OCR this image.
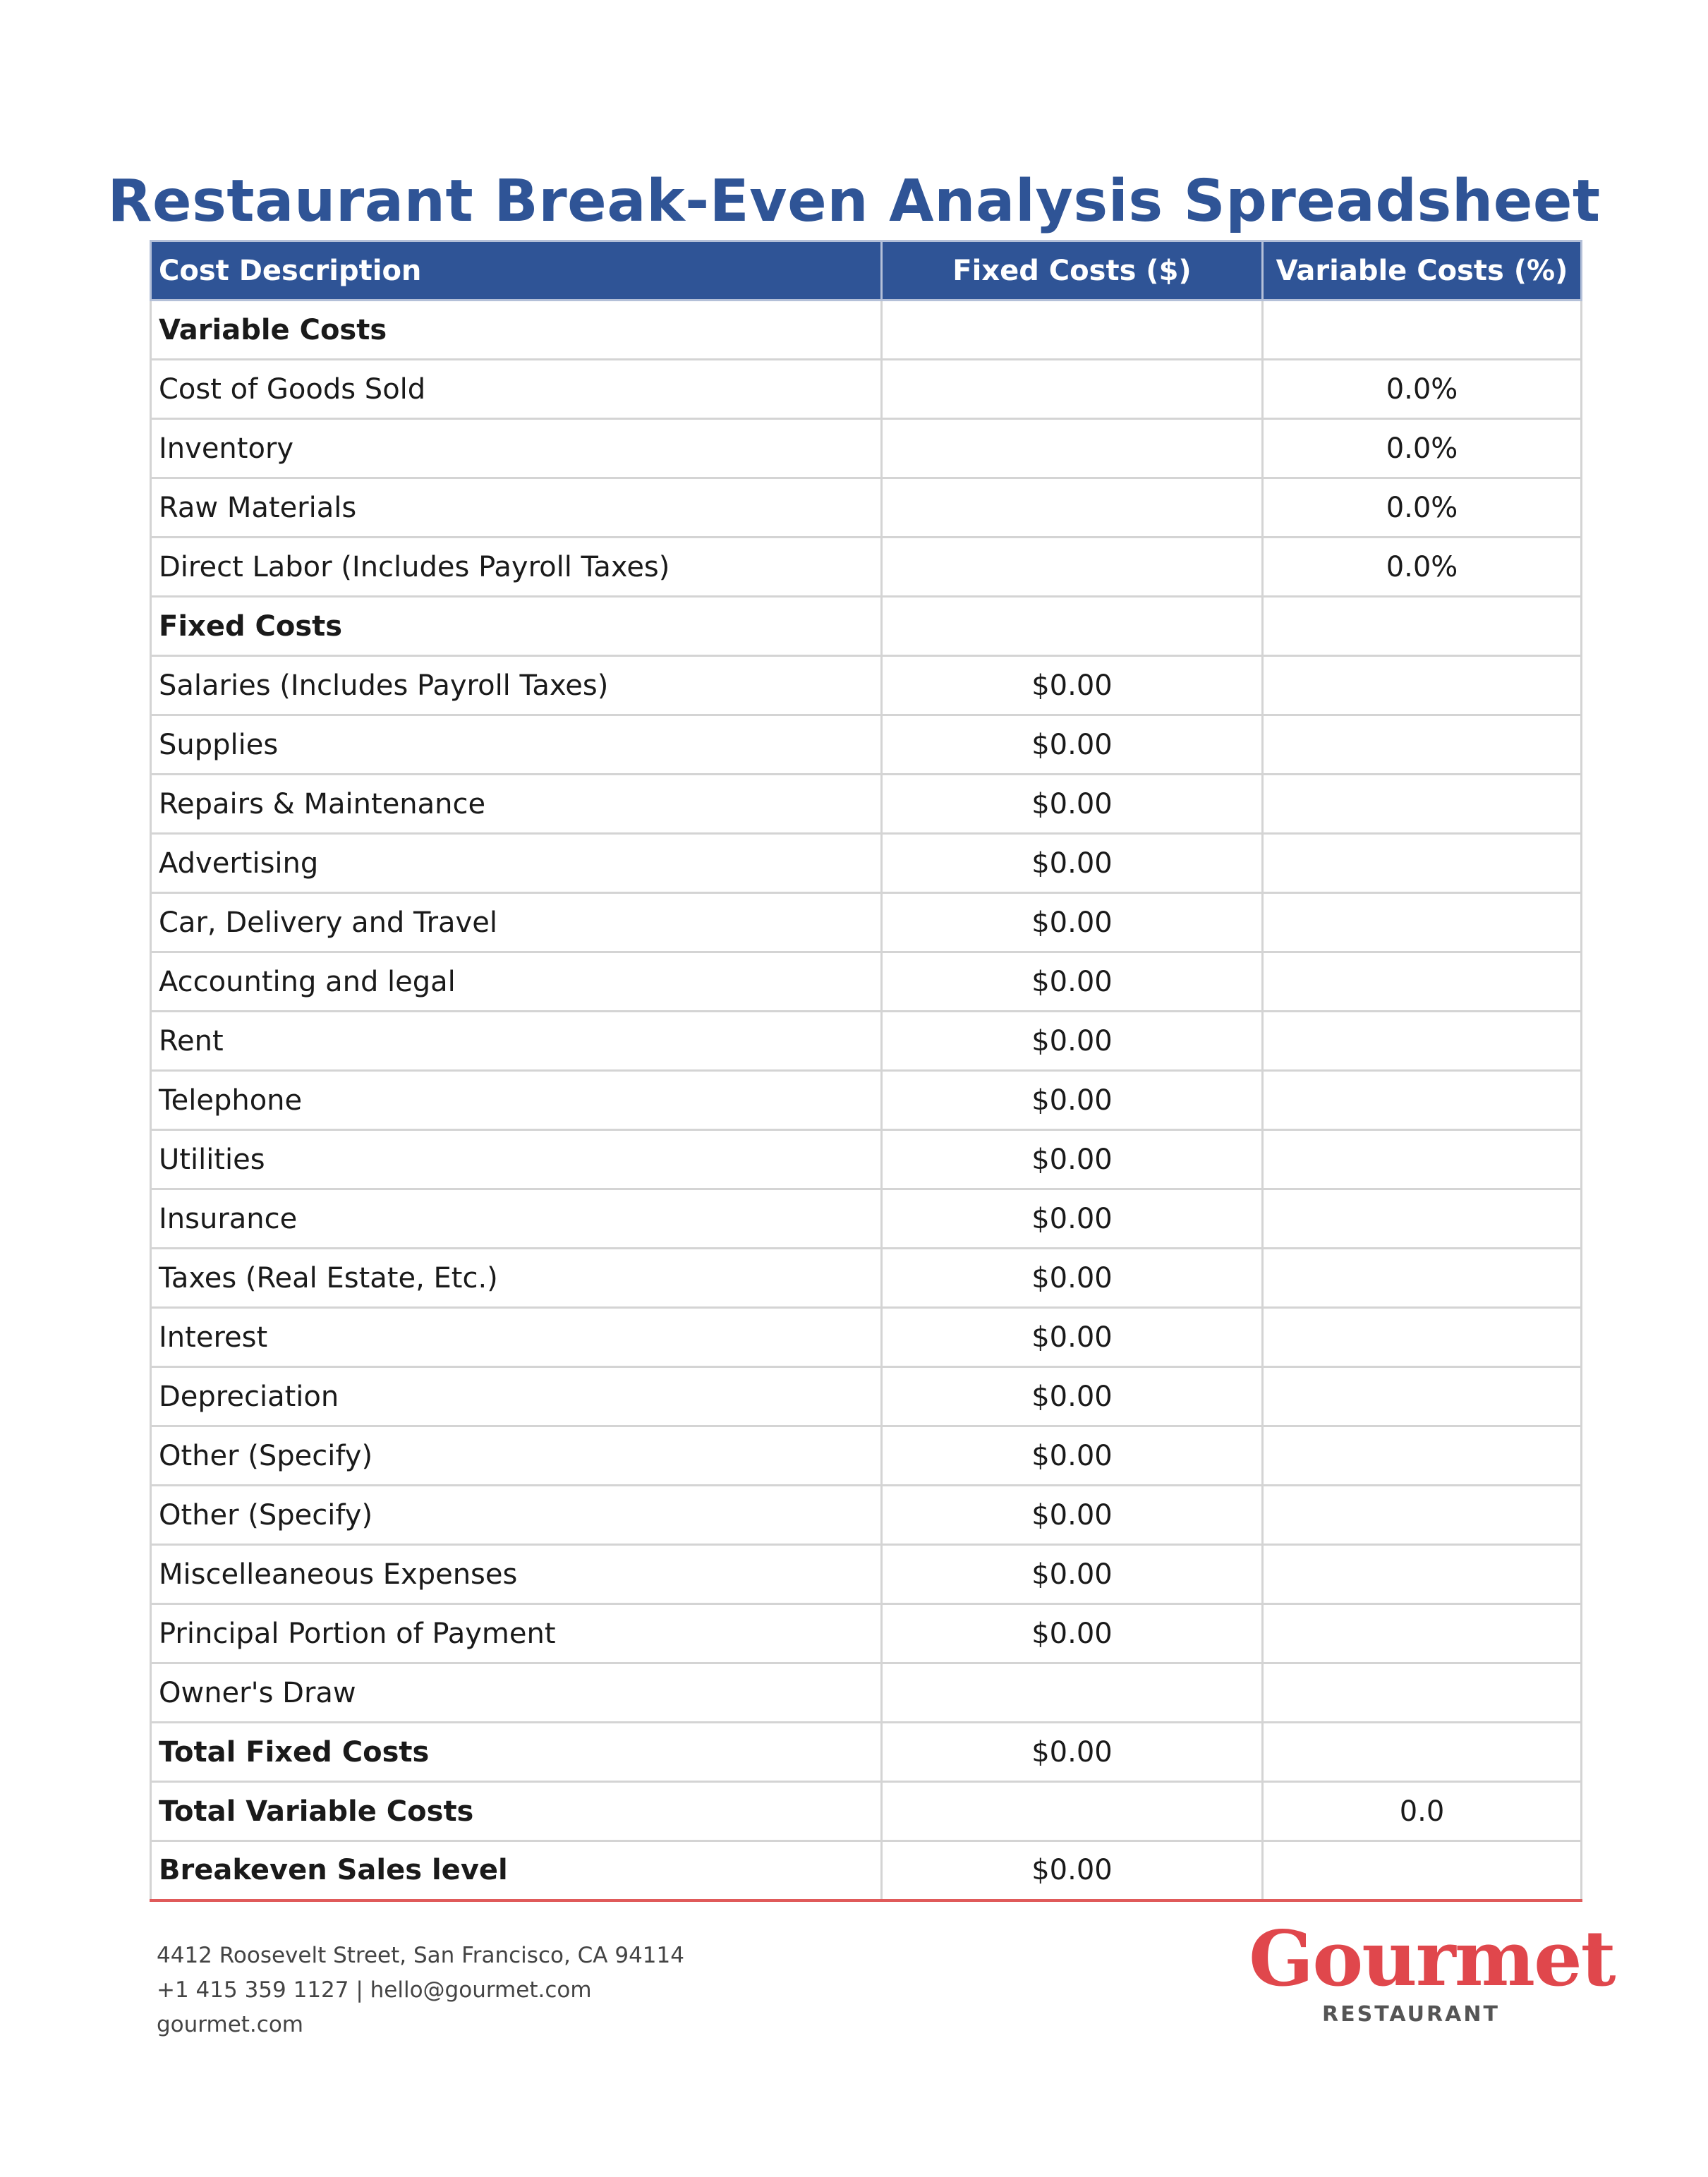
Restaurant Break-Even Analysis Spreadsheet
Cost Description	Fixed Costs ($)	Variable Costs (%)
Variable Costs		
Cost of Goods Sold		0.0%
Inventory		0.0%
Raw Materials		0.0%
Direct Labor (Includes Payroll Taxes)		0.0%
Fixed Costs		
Salaries (Includes Payroll Taxes)	$0.00	
Supplies	$0.00	
Repairs & Maintenance	$0.00	
Advertising	$0.00	
Car, Delivery and Travel	$0.00	
Accounting and legal	$0.00	
Rent	$0.00	
Telephone	$0.00	
Utilities	$0.00	
Insurance	$0.00	
Taxes (Real Estate, Etc.)	$0.00	
Interest	$0.00	
Depreciation	$0.00	
Other (Specify)	$0.00	
Other (Specify)	$0.00	
Miscelleaneous Expenses	$0.00	
Principal Portion of Payment	$0.00	
Owner's Draw		
Total Fixed Costs	$0.00	
Total Variable Costs		0.0
Breakeven Sales level	$0.00	
4412 Roosevelt Street, San Francisco, CA 94114
+1 415 359 1127 | hello@gourmet.com
gourmet.com
Gourmet
RESTAURANT
